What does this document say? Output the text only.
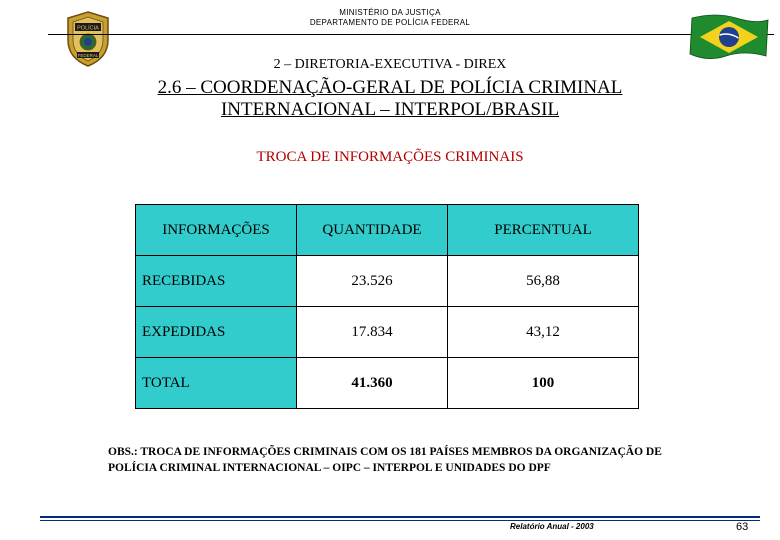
POLÍCIA
FEDERAL
MINISTÉRIO DA JUSTIÇA
DEPARTAMENTO DE POLÍCIA FEDERAL
2 – DIRETORIA-EXECUTIVA - DIREX
2.6 – COORDENAÇÃO-GERAL DE POLÍCIA CRIMINAL INTERNACIONAL – INTERPOL/BRASIL
TROCA DE INFORMAÇÕES CRIMINAIS
INFORMAÇÕES	QUANTIDADE	PERCENTUAL
RECEBIDAS	23.526	56,88
EXPEDIDAS	17.834	43,12
TOTAL	41.360	100
OBS.: TROCA DE INFORMAÇÕES CRIMINAIS COM OS 181 PAÍSES MEMBROS DA ORGANIZAÇÃO DE POLÍCIA CRIMINAL INTERNACIONAL – OIPC – INTERPOL E UNIDADES DO DPF
Relatório Anual - 2003	63
